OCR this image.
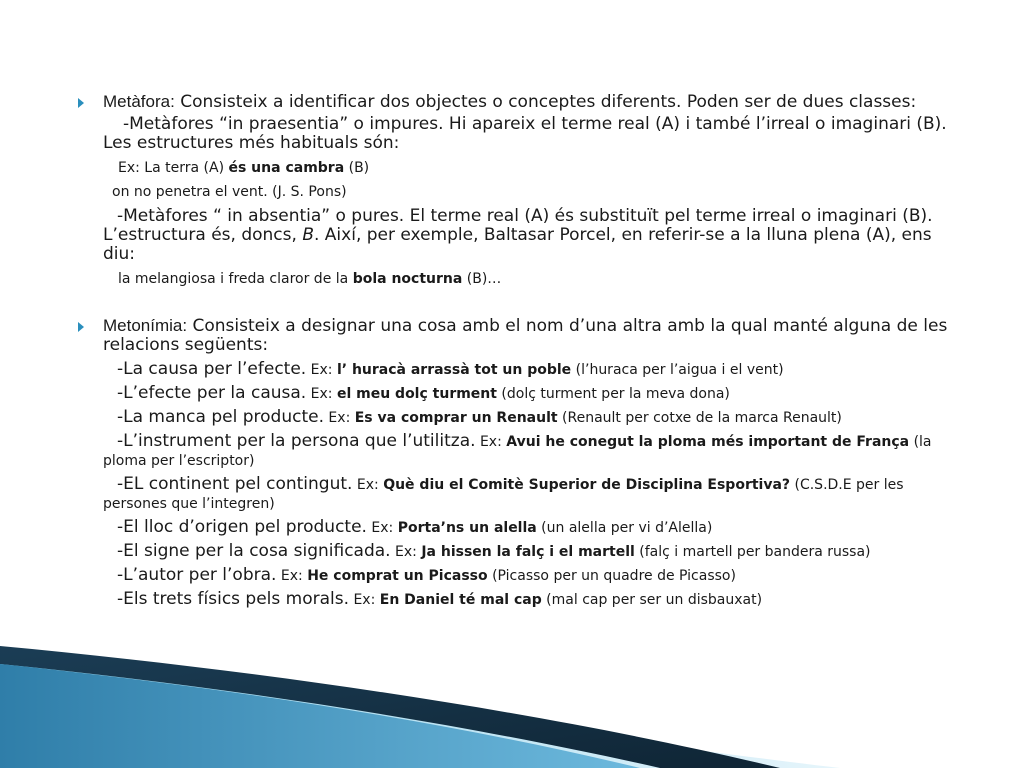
Metàfora: Consisteix a identificar dos objectes o conceptes diferents. Poden ser de dues classes:

-Metàfores “in praesentia” o impures. Hi apareix el terme real (A) i també l’irreal o imaginari (B). Les estructures més habituals són:

Ex: La terra (A) és una cambra (B)

on no penetra el vent. (J. S. Pons)

-Metàfores “ in absentia” o pures. El terme real (A) és substituït pel terme irreal o imaginari (B). L’estructura és, doncs, B. Així, per exemple, Baltasar Porcel, en referir-se a la lluna plena (A), ens diu:

la melangiosa i freda claror de la bola nocturna (B)…

Metonímia: Consisteix a designar una cosa amb el nom d’una altra amb la qual manté alguna de les relacions següents:

-La causa per l’efecte. Ex: l’ huracà arrassà tot un poble (l’huraca per l’aigua i el vent)

-L’efecte per la causa. Ex: el meu dolç turment (dolç turment per la meva dona)

-La manca pel producte. Ex: Es va comprar un Renault (Renault per cotxe de la marca Renault)

-L’instrument per la persona que l’utilitza. Ex: Avui he conegut la ploma més important de França (la ploma per l’escriptor)

-EL continent pel contingut. Ex: Què diu el Comitè Superior de Disciplina Esportiva? (C.S.D.E per les persones que l’integren)

-El lloc d’origen pel producte. Ex: Porta’ns un alella (un alella per vi d’Alella)

-El signe per la cosa significada. Ex: Ja hissen la falç i el martell (falç i martell per bandera russa)

-L’autor per l’obra. Ex: He comprat un Picasso (Picasso per un quadre de Picasso)

-Els trets físics pels morals. Ex: En Daniel té mal cap (mal cap per ser un disbauxat)
